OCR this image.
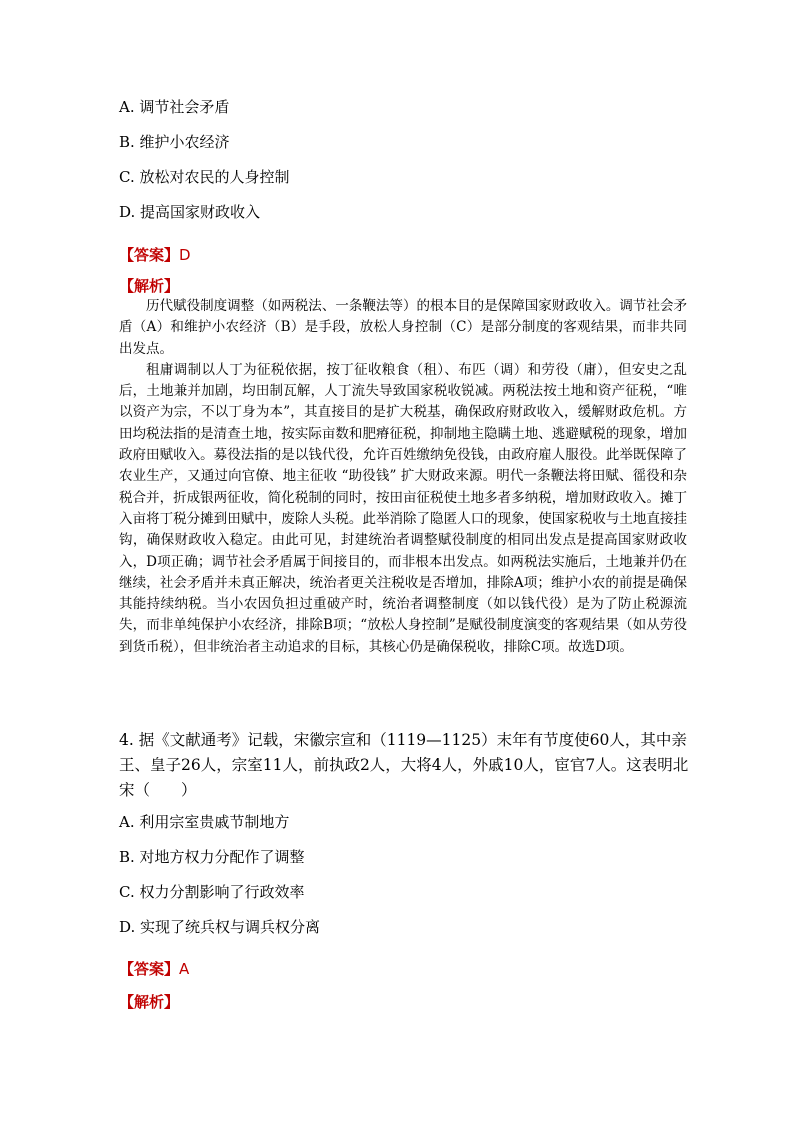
A. 调节社会矛盾
B. 维护小农经济
C. 放松对农民的人身控制
D. 提高国家财政收入
【答案】D
【解析】

历代赋役制度调整（如两税法、一条鞭法等）的根本目的是保障国家财政收入。调节社会矛盾（A）和维护小农经济（B）是手段，放松人身控制（C）是部分制度的客观结果，而非共同出发点。

租庸调制以人丁为征税依据，按丁征收粮食（租）、布匹（调）和劳役（庸），但安史之乱后，土地兼并加剧，均田制瓦解，人丁流失导致国家税收锐减。两税法按土地和资产征税，“唯以资产为宗，不以丁身为本”，其直接目的是扩大税基，确保政府财政收入，缓解财政危机。方田均税法指的是清查土地，按实际亩数和肥瘠征税，抑制地主隐瞒土地、逃避赋税的现象，增加政府田赋收入。募役法指的是以钱代役，允许百姓缴纳免役钱，由政府雇人服役。此举既保障了农业生产，又通过向官僚、地主征收 “助役钱” 扩大财政来源。明代一条鞭法将田赋、徭役和杂税合并，折成银两征收，简化税制的同时，按田亩征税使土地多者多纳税，增加财政收入。摊丁入亩将丁税分摊到田赋中，废除人头税。此举消除了隐匿人口的现象，使国家税收与土地直接挂钩，确保财政收入稳定。由此可见，封建统治者调整赋役制度的相同出发点是提高国家财政收入，D项正确；调节社会矛盾属于间接目的，而非根本出发点。如两税法实施后，土地兼并仍在继续，社会矛盾并未真正解决，统治者更关注税收是否增加，排除A项；维护小农的前提是确保其能持续纳税。当小农因负担过重破产时，统治者调整制度（如以钱代役）是为了防止税源流失，而非单纯保护小农经济，排除B项；“放松人身控制”是赋役制度演变的客观结果（如从劳役到货币税），但非统治者主动追求的目标，其核心仍是确保税收，排除C项。故选D项。

4. 据《文献通考》记载，宋徽宗宣和（1119—1125）末年有节度使60人，其中亲王、皇子26人，宗室11人，前执政2人，大将4人，外戚10人，宦官7人。这表明北宋（　　）
A. 利用宗室贵戚节制地方
B. 对地方权力分配作了调整
C. 权力分割影响了行政效率
D. 实现了统兵权与调兵权分离
【答案】A
【解析】
